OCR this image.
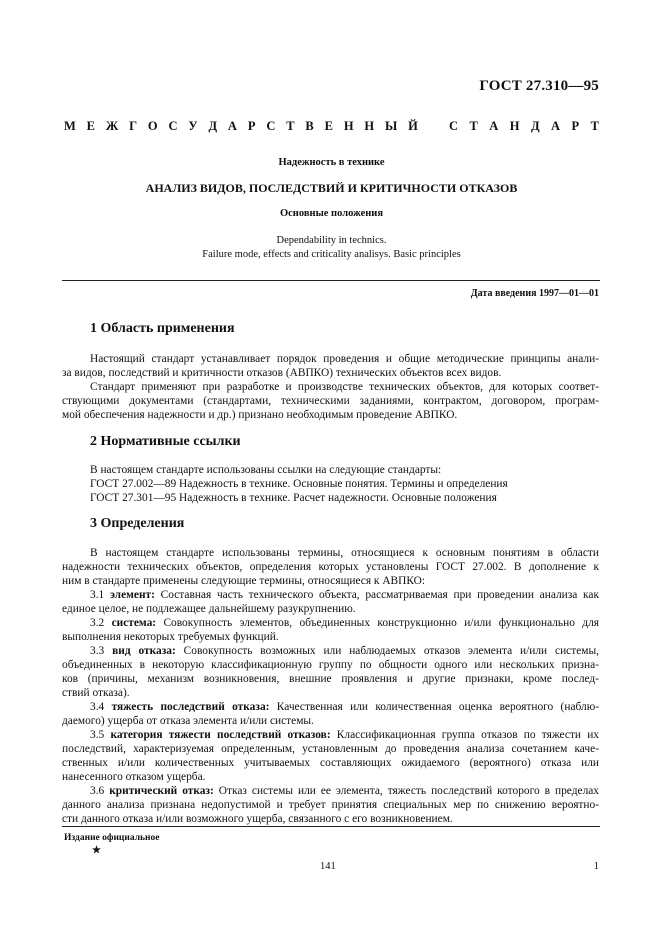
ГОСТ 27.310—95
М Е Ж Г О С У Д А Р С Т В Е Н Н Ы Й С Т А Н Д А Р Т
Надежность в технике
АНАЛИЗ ВИДОВ, ПОСЛЕДСТВИЙ И КРИТИЧНОСТИ ОТКАЗОВ
Основные положения
Dependability in technics.
Failure mode, effects and criticality analisys. Basic principles
Дата введения 1997—01—01
1 Область применения
Настоящий стандарт устанавливает порядок проведения и общие методические принципы анали-
за видов, последствий и критичности отказов (АВПКО) технических объектов всех видов.
Стандарт применяют при разработке и производстве технических объектов, для которых соответ-
ствующими документами (стандартами, техническими заданиями, контрактом, договором, програм-
мой обеспечения надежности и др.) признано необходимым проведение АВПКО.
2 Нормативные ссылки
В настоящем стандарте использованы ссылки на следующие стандарты:
ГОСТ 27.002—89 Надежность в технике. Основные понятия. Термины и определения
ГОСТ 27.301—95 Надежность в технике. Расчет надежности. Основные положения
3 Определения
В настоящем стандарте использованы термины, относящиеся к основным понятиям в области
надежности технических объектов, определения которых установлены ГОСТ 27.002. В дополнение к
ним в стандарте применены следующие термины, относящиеся к АВПКО:
3.1 элемент: Составная часть технического объекта, рассматриваемая при проведении анализа как
единое целое, не подлежащее дальнейшему разукрупнению.
3.2 система: Совокупность элементов, объединенных конструкционно и/или функционально для
выполнения некоторых требуемых функций.
3.3 вид отказа: Совокупность возможных или наблюдаемых отказов элемента и/или системы,
объединенных в некоторую классификационную группу по общности одного или нескольких призна-
ков (причины, механизм возникновения, внешние проявления и другие признаки, кроме послед-
ствий отказа).
3.4 тяжесть последствий отказа: Качественная или количественная оценка вероятного (наблю-
даемого) ущерба от отказа элемента и/или системы.
3.5 категория тяжести последствий отказов: Классификационная группа отказов по тяжести их
последствий, характеризуемая определенным, установленным до проведения анализа сочетанием каче-
ственных и/или количественных учитываемых составляющих ожидаемого (вероятного) отказа или
нанесенного отказом ущерба.
3.6 критический отказ: Отказ системы или ее элемента, тяжесть последствий которого в пределах
данного анализа признана недопустимой и требует принятия специальных мер по снижению вероятно-
сти данного отказа и/или возможного ущерба, связанного с его возникновением.
Издание официальное
★
141	1
